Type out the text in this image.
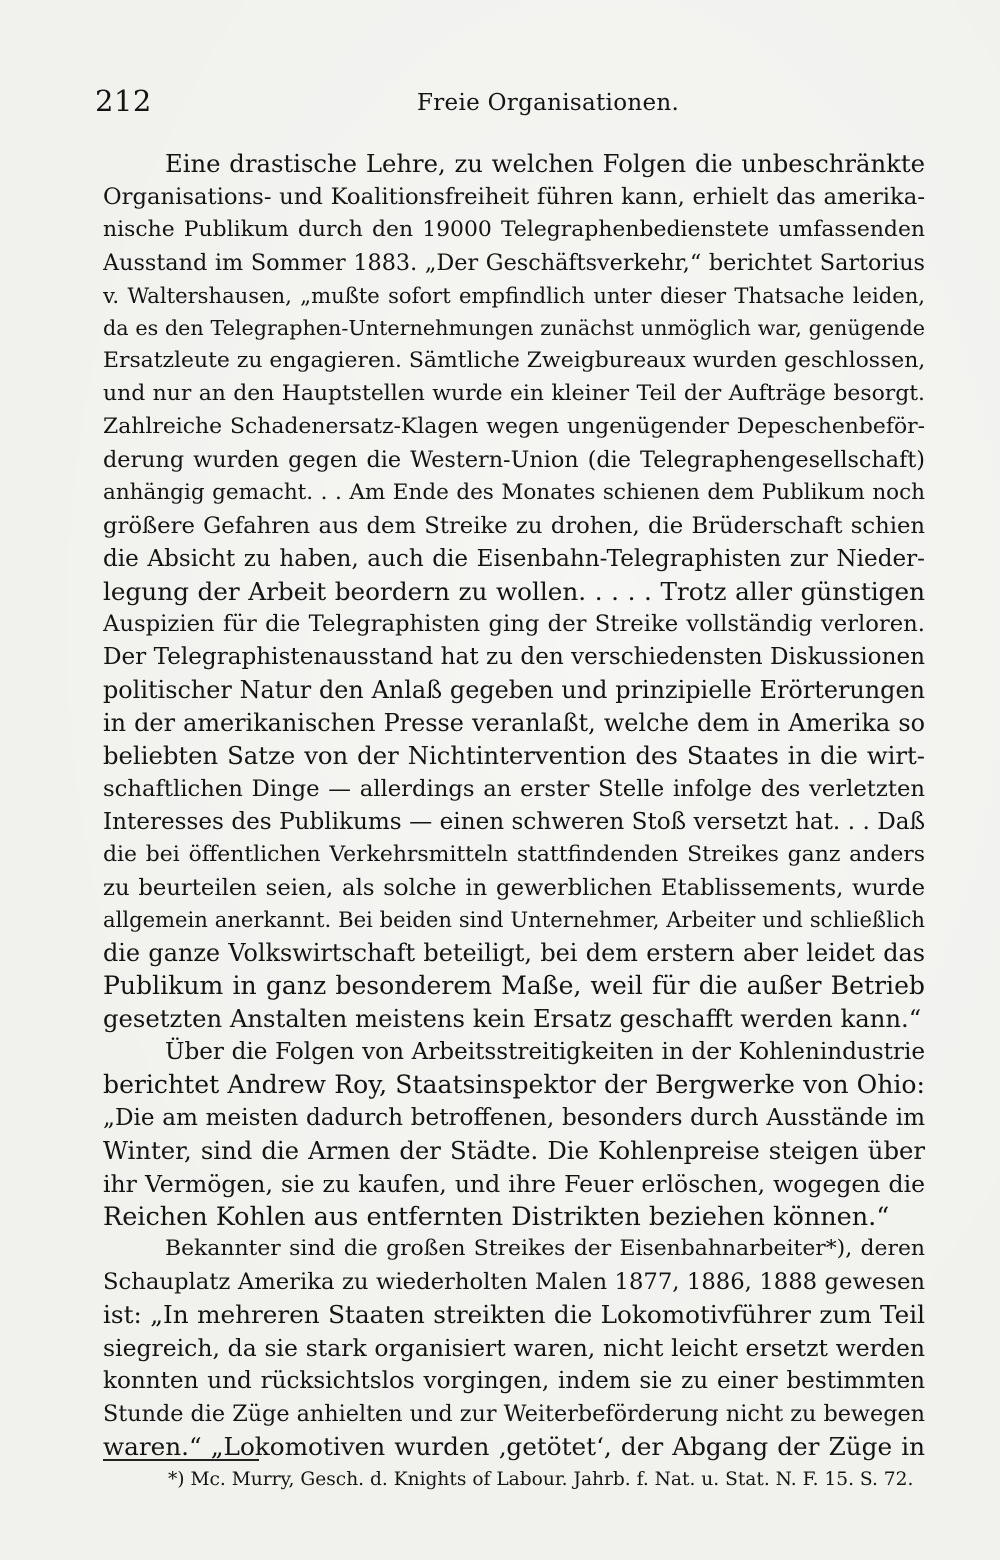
212	Freie Organisationen.
Eine drastische Lehre, zu welchen Folgen die unbeschränkte
Organisations- und Koalitionsfreiheit führen kann, erhielt das amerika-
nische Publikum durch den 19000 Telegraphenbedienstete umfassenden
Ausstand im Sommer 1883. „Der Geschäftsverkehr,“ berichtet Sartorius
v. Waltershausen, „mußte sofort empfindlich unter dieser Thatsache leiden,
da es den Telegraphen-Unternehmungen zunächst unmöglich war, genügende
Ersatzleute zu engagieren. Sämtliche Zweigbureaux wurden geschlossen,
und nur an den Hauptstellen wurde ein kleiner Teil der Aufträge besorgt.
Zahlreiche Schadenersatz-Klagen wegen ungenügender Depeschenbeför-
derung wurden gegen die Western-Union (die Telegraphengesellschaft)
anhängig gemacht. . . Am Ende des Monates schienen dem Publikum noch
größere Gefahren aus dem Streike zu drohen, die Brüderschaft schien
die Absicht zu haben, auch die Eisenbahn-Telegraphisten zur Nieder-
legung der Arbeit beordern zu wollen. . . . . Trotz aller günstigen
Auspizien für die Telegraphisten ging der Streike vollständig verloren.
Der Telegraphistenausstand hat zu den verschiedensten Diskussionen
politischer Natur den Anlaß gegeben und prinzipielle Erörterungen
in der amerikanischen Presse veranlaßt, welche dem in Amerika so
beliebten Satze von der Nichtintervention des Staates in die wirt-
schaftlichen Dinge — allerdings an erster Stelle infolge des verletzten
Interesses des Publikums — einen schweren Stoß versetzt hat. . . Daß
die bei öffentlichen Verkehrsmitteln stattfindenden Streikes ganz anders
zu beurteilen seien, als solche in gewerblichen Etablissements, wurde
allgemein anerkannt. Bei beiden sind Unternehmer, Arbeiter und schließlich
die ganze Volkswirtschaft beteiligt, bei dem erstern aber leidet das
Publikum in ganz besonderem Maße, weil für die außer Betrieb
gesetzten Anstalten meistens kein Ersatz geschafft werden kann.“
Über die Folgen von Arbeitsstreitigkeiten in der Kohlenindustrie
berichtet Andrew Roy, Staatsinspektor der Bergwerke von Ohio:
„Die am meisten dadurch betroffenen, besonders durch Ausstände im
Winter, sind die Armen der Städte. Die Kohlenpreise steigen über
ihr Vermögen, sie zu kaufen, und ihre Feuer erlöschen, wogegen die
Reichen Kohlen aus entfernten Distrikten beziehen können.“
Bekannter sind die großen Streikes der Eisenbahnarbeiter*), deren
Schauplatz Amerika zu wiederholten Malen 1877, 1886, 1888 gewesen
ist: „In mehreren Staaten streikten die Lokomotivführer zum Teil
siegreich, da sie stark organisiert waren, nicht leicht ersetzt werden
konnten und rücksichtslos vorgingen, indem sie zu einer bestimmten
Stunde die Züge anhielten und zur Weiterbeförderung nicht zu bewegen
waren.“ „Lokomotiven wurden ‚getötet‘, der Abgang der Züge in
*) Mc. Murry, Gesch. d. Knights of Labour. Jahrb. f. Nat. u. Stat. N. F. 15. S. 72.
